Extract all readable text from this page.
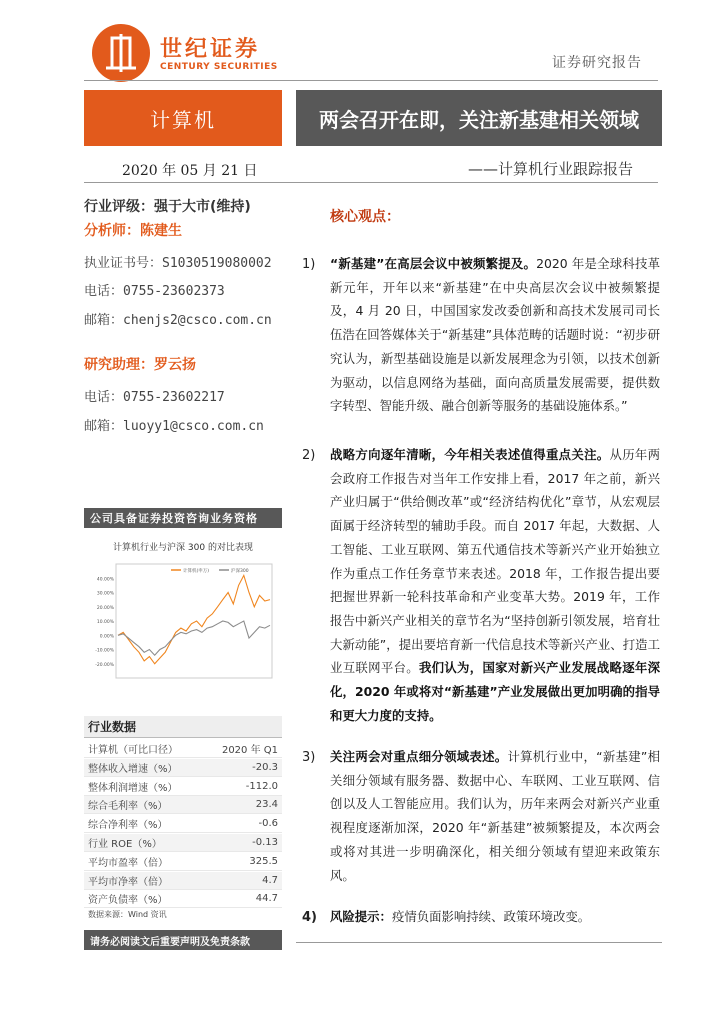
世纪证券
CENTURY SECURITIES	证券研究报告
计算机	两会召开在即，关注新基建相关领域
2020 年 05 月 21 日	——计算机行业跟踪报告
行业评级：强于大市(维持)
分析师：陈建生
执业证书号：S1030519080002
电话：0755-23602373
邮箱：chenjs2@csco.com.cn
研究助理：罗云扬
电话：0755-23602217
邮箱：luoyy1@csco.com.cn
公司具备证券投资咨询业务资格
计算机行业与沪深 300 的对比表现
40.00%
30.00%
20.00%
10.00%
0.00%
-10.00%
-20.00%
计算机(申万)	沪深300
行业数据
计算机（可比口径）	2020 年 Q1
整体收入增速（%）	-20.3
整体利润增速（%）	-112.0
综合毛利率（%）	23.4
综合净利率（%）	-0.6
行业 ROE（%）	-0.13
平均市盈率（倍）	325.5
平均市净率（倍）	4.7
资产负债率（%）	44.7
数据来源：Wind 资讯
请务必阅读文后重要声明及免责条款
核心观点：
1) “新基建”在高层会议中被频繁提及。2020 年是全球科技革新元年，开年以来“新基建”在中央高层次会议中被频繁提及，4 月 20 日，中国国家发改委创新和高技术发展司司长伍浩在回答媒体关于“新基建”具体范畴的话题时说：“初步研究认为，新型基础设施是以新发展理念为引领，以技术创新为驱动，以信息网络为基础，面向高质量发展需要，提供数字转型、智能升级、融合创新等服务的基础设施体系。”
2) 战略方向逐年清晰，今年相关表述值得重点关注。从历年两会政府工作报告对当年工作安排上看，2017 年之前，新兴产业归属于“供给侧改革”或“经济结构优化”章节，从宏观层面属于经济转型的辅助手段。而自 2017 年起，大数据、人工智能、工业互联网、第五代通信技术等新兴产业开始独立作为重点工作任务章节来表述。2018 年，工作报告提出要把握世界新一轮科技革命和产业变革大势。2019 年，工作报告中新兴产业相关的章节名为“坚持创新引领发展，培育壮大新动能”，提出要培育新一代信息技术等新兴产业、打造工业互联网平台。我们认为，国家对新兴产业发展战略逐年深化，2020 年或将对“新基建”产业发展做出更加明确的指导和更大力度的支持。
3) 关注两会对重点细分领域表述。计算机行业中，“新基建”相关细分领域有服务器、数据中心、车联网、工业互联网、信创以及人工智能应用。我们认为，历年来两会对新兴产业重视程度逐渐加深，2020 年“新基建”被频繁提及，本次两会或将对其进一步明确深化，相关细分领域有望迎来政策东风。
4) 风险提示：疫情负面影响持续、政策环境改变。
